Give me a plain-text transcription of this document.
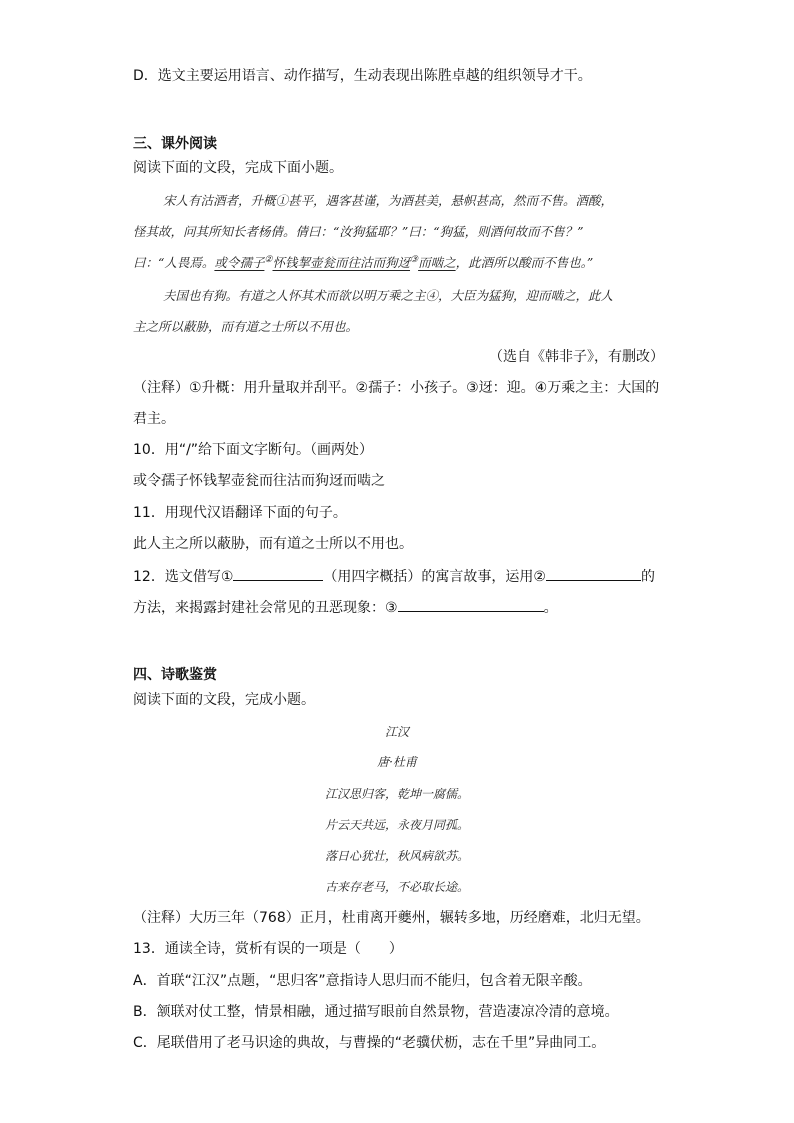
D．选文主要运用语言、动作描写，生动表现出陈胜卓越的组织领导才干。
三、课外阅读
阅读下面的文段，完成下面小题。
宋人有沽酒者，升概①甚平，遇客甚谨，为酒甚美，悬帜甚高，然而不售。酒酸，
怪其故，问其所知长者杨倩。倩曰：“汝狗猛耶？”曰：“狗猛，则酒何故而不售？”
曰：“人畏焉。或令孺子②怀钱挈壶瓮而往沽而狗迓③而啮之，此酒所以酸而不售也。”
夫国也有狗。有道之人怀其术而欲以明万乘之主④，大臣为猛狗，迎而啮之，此人
主之所以蔽胁，而有道之士所以不用也。
（选自《韩非子》，有删改）
（注释）①升概：用升量取并刮平。②孺子：小孩子。③迓：迎。④万乘之主：大国的
君主。
10．用“/”给下面文字断句。（画两处）
或令孺子怀钱挈壶瓮而往沽而狗迓而啮之
11．用现代汉语翻译下面的句子。
此人主之所以蔽胁，而有道之士所以不用也。
12．选文借写①	（用四字概括）的寓言故事，运用②	的
方法，来揭露封建社会常见的丑恶现象：③	。
四、诗歌鉴赏
阅读下面的文段，完成小题。
江汉
唐·杜甫
江汉思归客，乾坤一腐儒。
片云天共远，永夜月同孤。
落日心犹壮，秋风病欲苏。
古来存老马，不必取长途。
（注释）大历三年（768）正月，杜甫离开夔州，辗转多地，历经磨难，北归无望。
13．通读全诗，赏析有误的一项是（　　）
A．首联“江汉”点题，“思归客”意指诗人思归而不能归，包含着无限辛酸。
B．颔联对仗工整，情景相融，通过描写眼前自然景物，营造凄凉冷清的意境。
C．尾联借用了老马识途的典故，与曹操的“老骥伏枥，志在千里”异曲同工。
